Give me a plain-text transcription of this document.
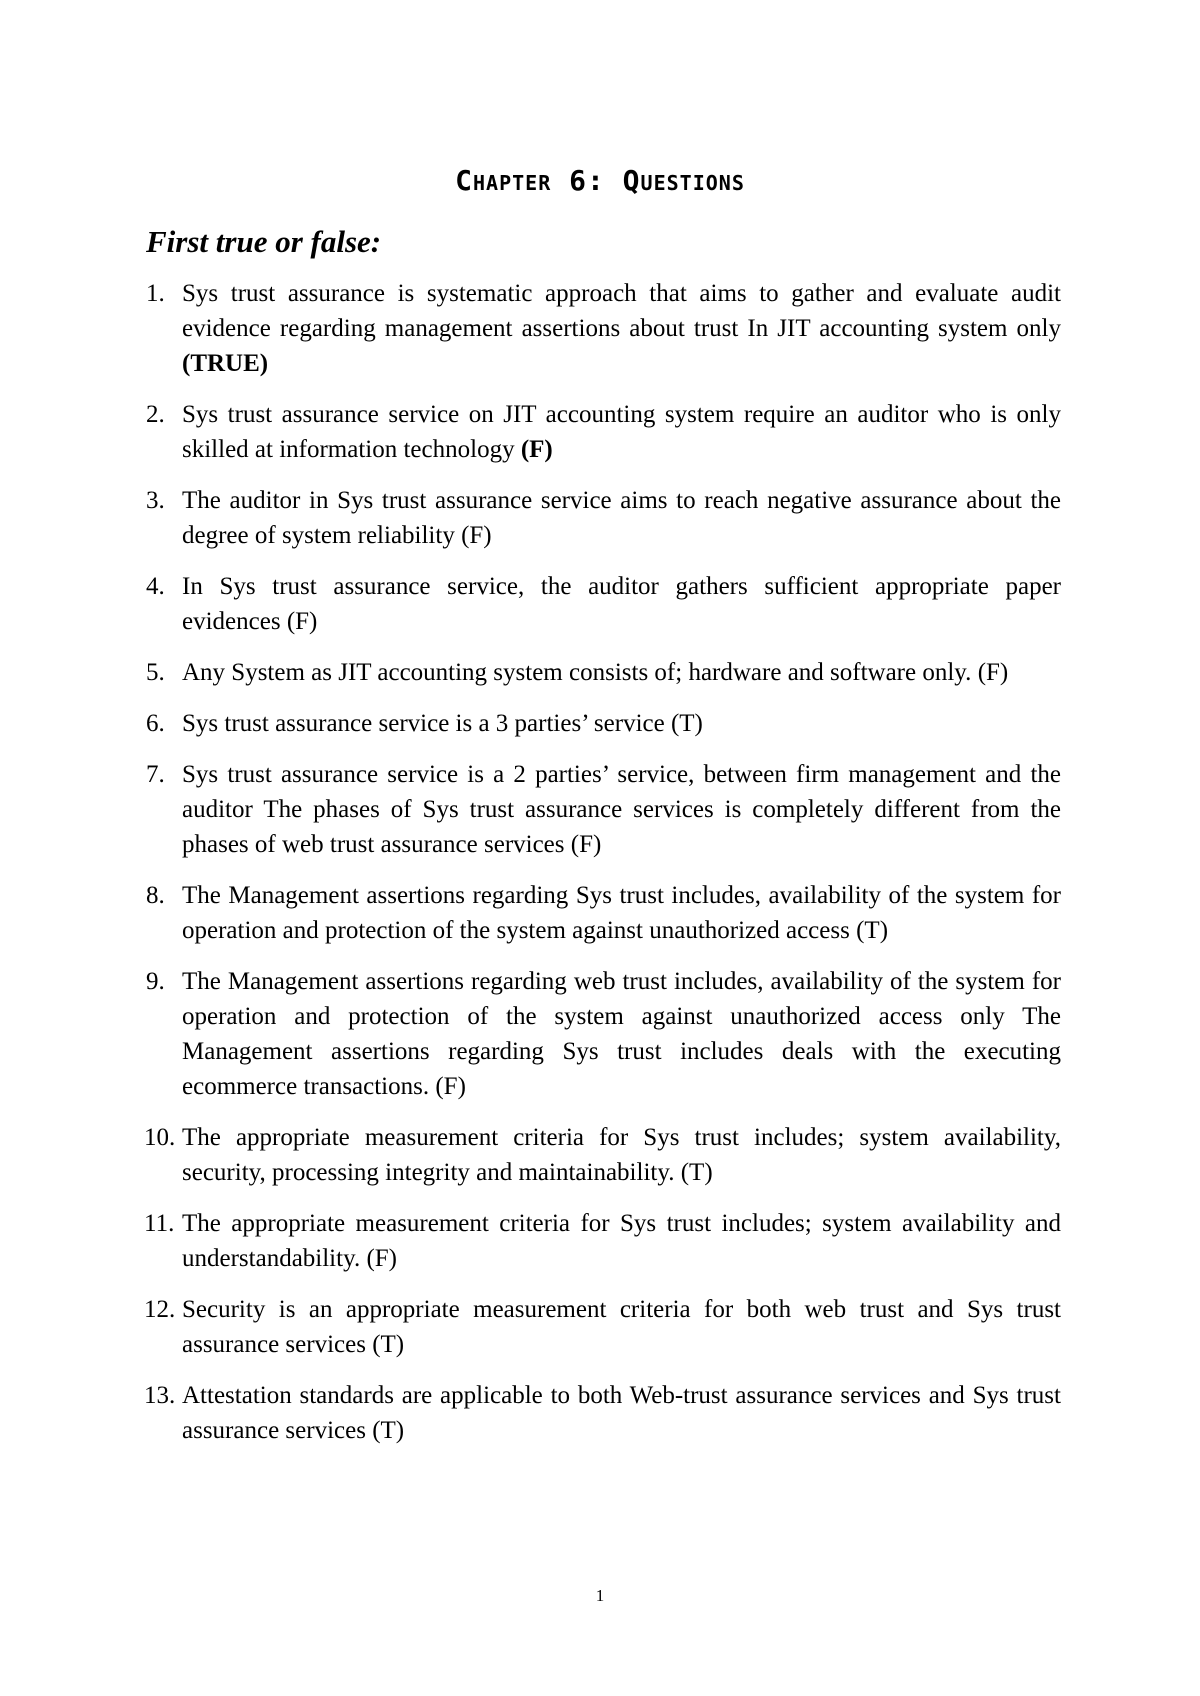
Chapter 6: Questions
First true or false:
1. Sys trust assurance is systematic approach that aims to gather and evaluate audit evidence regarding management assertions about trust In JIT accounting system only (TRUE)
2. Sys trust assurance service on JIT accounting system require an auditor who is only skilled at information technology (F)
3. The auditor in Sys trust assurance service aims to reach negative assurance about the degree of system reliability (F)
4. In Sys trust assurance service, the auditor gathers sufficient appropriate paper evidences (F)
5. Any System as JIT accounting system consists of; hardware and software only. (F)
6. Sys trust assurance service is a 3 parties’ service (T)
7. Sys trust assurance service is a 2 parties’ service, between firm management and the auditor The phases of Sys trust assurance services is completely different from the phases of web trust assurance services (F)
8. The Management assertions regarding Sys trust includes, availability of the system for operation and protection of the system against unauthorized access (T)
9. The Management assertions regarding web trust includes, availability of the system for operation and protection of the system against unauthorized access only The Management assertions regarding Sys trust includes deals with the executing ecommerce transactions. (F)
10. The appropriate measurement criteria for Sys trust includes; system availability, security, processing integrity and maintainability. (T)
11. The appropriate measurement criteria for Sys trust includes; system availability and understandability. (F)
12. Security is an appropriate measurement criteria for both web trust and Sys trust assurance services (T)
13. Attestation standards are applicable to both Web-trust assurance services and Sys trust assurance services (T)
1
